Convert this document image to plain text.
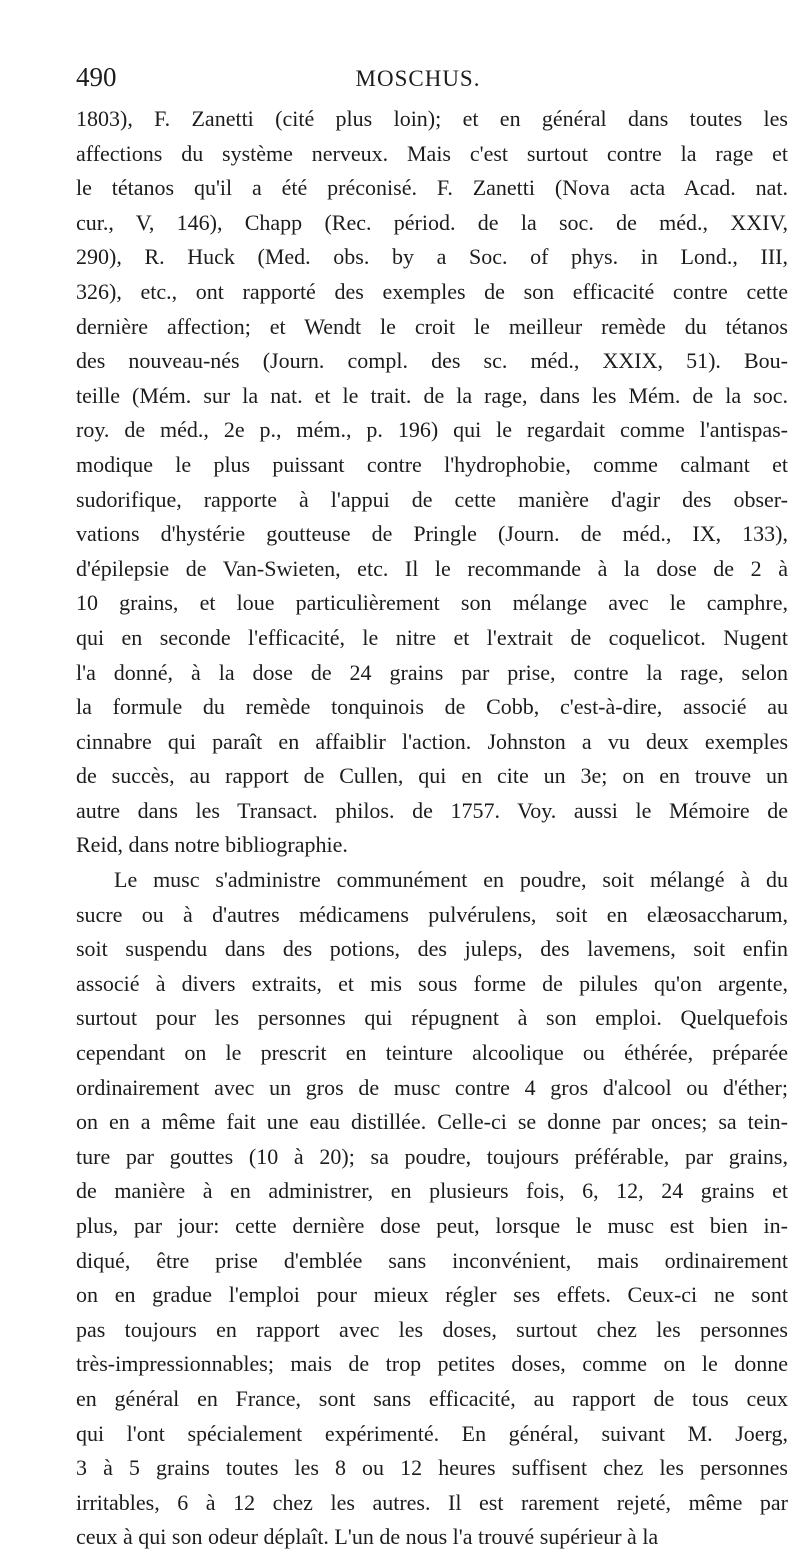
490	MOSCHUS.
1803), F. Zanetti (cité plus loin); et en général dans toutes les
affections du système nerveux. Mais c'est surtout contre la rage et
le tétanos qu'il a été préconisé. F. Zanetti (Nova acta Acad. nat.
cur., V, 146), Chapp (Rec. périod. de la soc. de méd., XXIV,
290), R. Huck (Med. obs. by a Soc. of phys. in Lond., III,
326), etc., ont rapporté des exemples de son efficacité contre cette
dernière affection; et Wendt le croit le meilleur remède du tétanos
des nouveau-nés (Journ. compl. des sc. méd., XXIX, 51). Bou-
teille (Mém. sur la nat. et le trait. de la rage, dans les Mém. de la soc.
roy. de méd., 2e p., mém., p. 196) qui le regardait comme l'antispas-
modique le plus puissant contre l'hydrophobie, comme calmant et
sudorifique, rapporte à l'appui de cette manière d'agir des obser-
vations d'hystérie goutteuse de Pringle (Journ. de méd., IX, 133),
d'épilepsie de Van-Swieten, etc. Il le recommande à la dose de 2 à
10 grains, et loue particulièrement son mélange avec le camphre,
qui en seconde l'efficacité, le nitre et l'extrait de coquelicot. Nugent
l'a donné, à la dose de 24 grains par prise, contre la rage, selon
la formule du remède tonquinois de Cobb, c'est-à-dire, associé au
cinnabre qui paraît en affaiblir l'action. Johnston a vu deux exemples
de succès, au rapport de Cullen, qui en cite un 3e; on en trouve un
autre dans les Transact. philos. de 1757. Voy. aussi le Mémoire de
Reid, dans notre bibliographie.
Le musc s'administre communément en poudre, soit mélangé à du
sucre ou à d'autres médicamens pulvérulens, soit en elæosaccharum,
soit suspendu dans des potions, des juleps, des lavemens, soit enfin
associé à divers extraits, et mis sous forme de pilules qu'on argente,
surtout pour les personnes qui répugnent à son emploi. Quelquefois
cependant on le prescrit en teinture alcoolique ou éthérée, préparée
ordinairement avec un gros de musc contre 4 gros d'alcool ou d'éther;
on en a même fait une eau distillée. Celle-ci se donne par onces; sa tein-
ture par gouttes (10 à 20); sa poudre, toujours préférable, par grains,
de manière à en administrer, en plusieurs fois, 6, 12, 24 grains et
plus, par jour: cette dernière dose peut, lorsque le musc est bien in-
diqué, être prise d'emblée sans inconvénient, mais ordinairement
on en gradue l'emploi pour mieux régler ses effets. Ceux-ci ne sont
pas toujours en rapport avec les doses, surtout chez les personnes
très-impressionnables; mais de trop petites doses, comme on le donne
en général en France, sont sans efficacité, au rapport de tous ceux
qui l'ont spécialement expérimenté. En général, suivant M. Joerg,
3 à 5 grains toutes les 8 ou 12 heures suffisent chez les personnes
irritables, 6 à 12 chez les autres. Il est rarement rejeté, même par
ceux à qui son odeur déplaît. L'un de nous l'a trouvé supérieur à la
